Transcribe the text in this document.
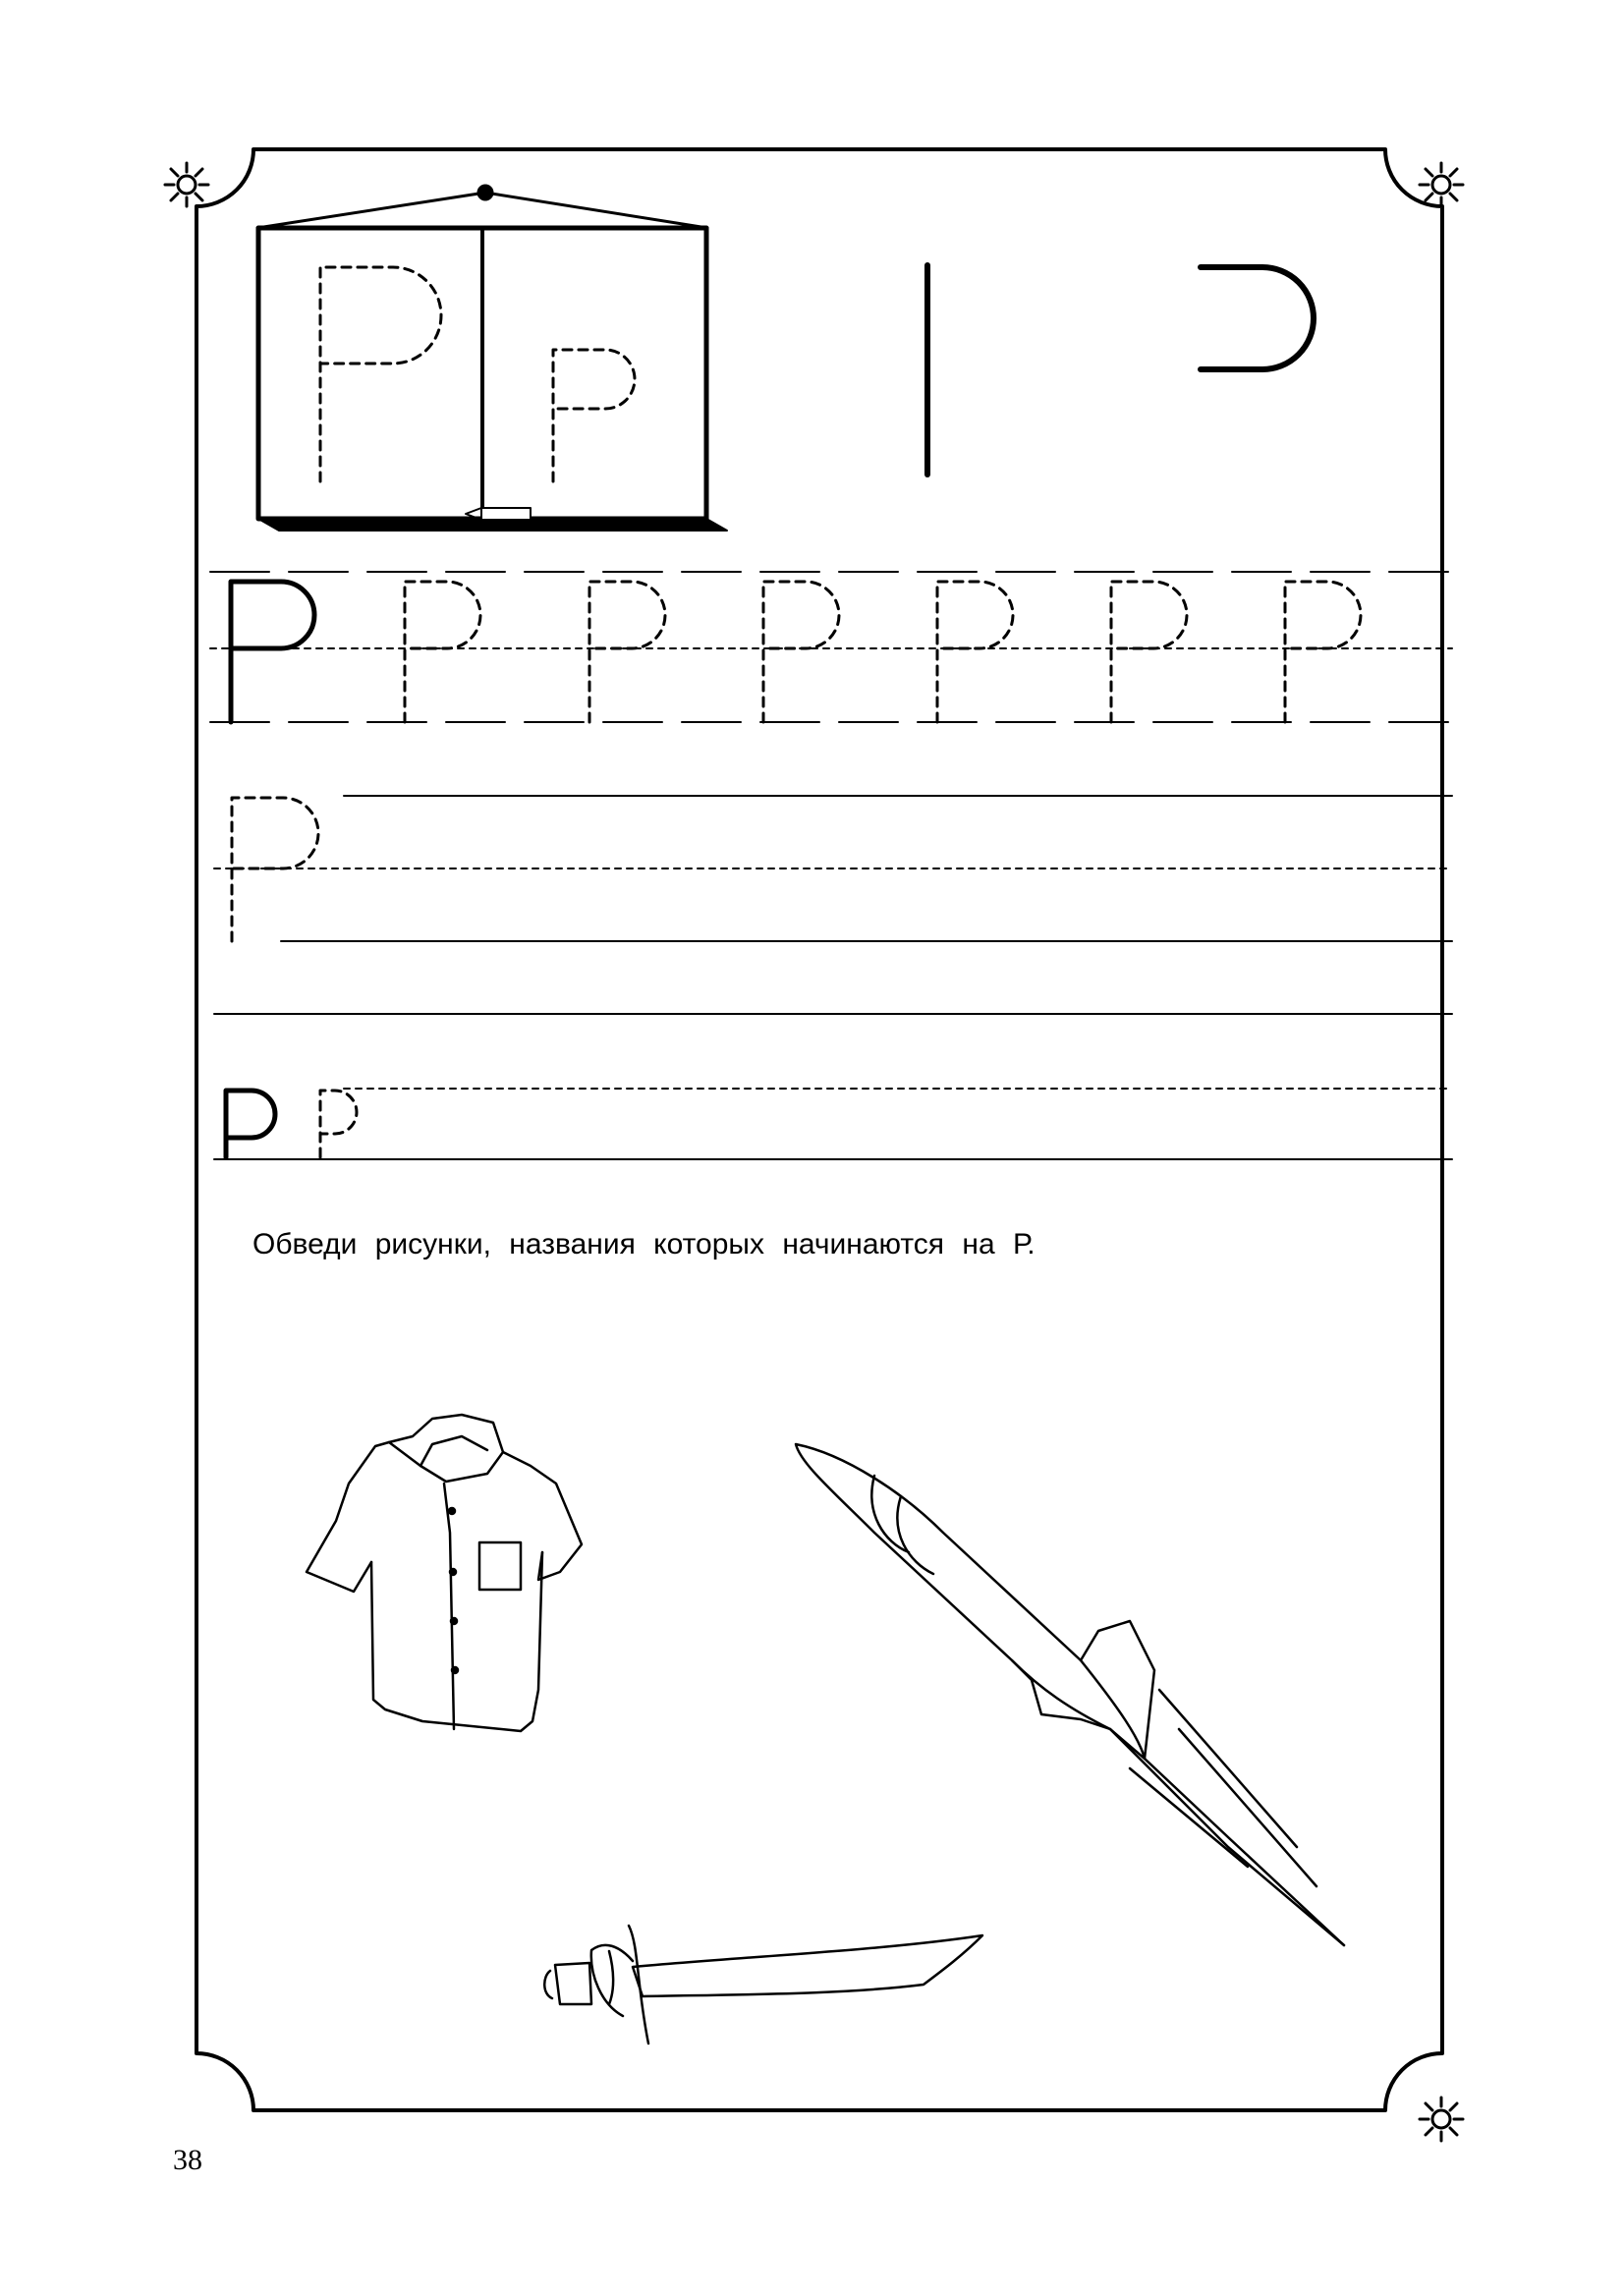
Обведи рисунки, названия которых начинаются на Р.
38
